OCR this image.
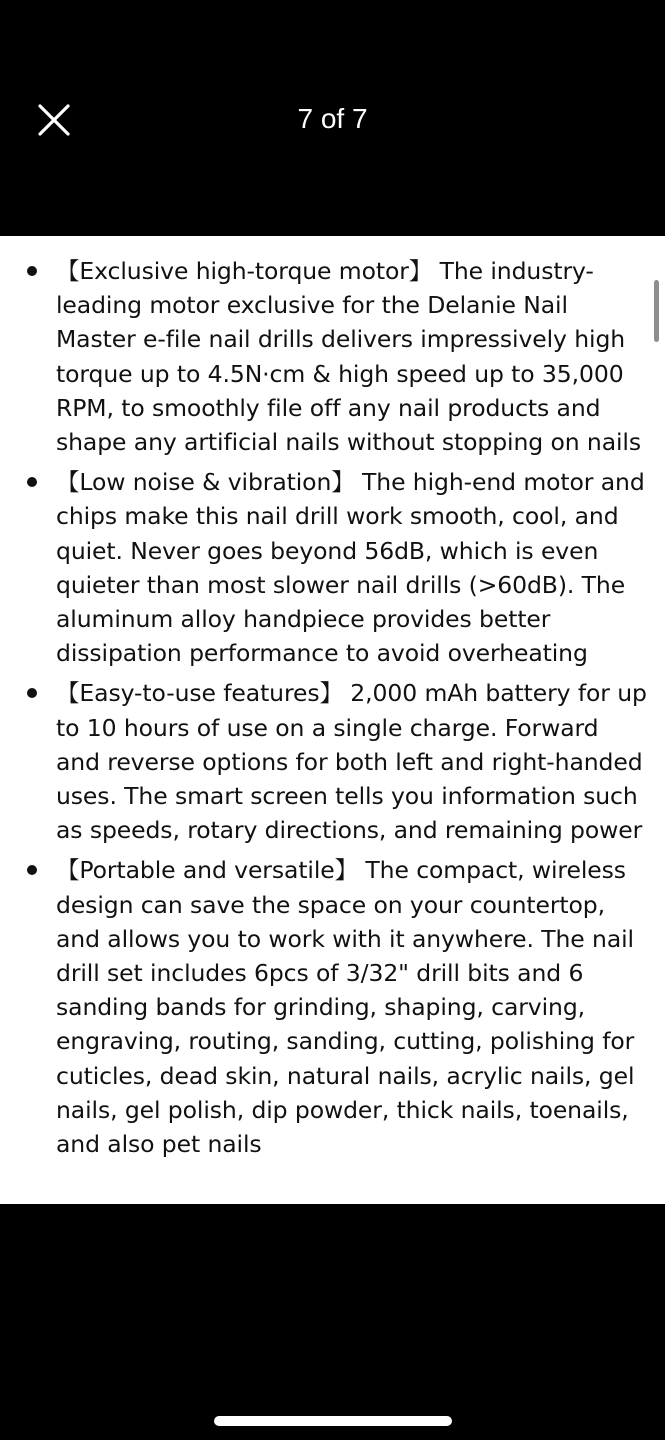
7 of 7
【Exclusive high-torque motor】 The industry-leading motor exclusive for the Delanie Nail Master e-file nail drills delivers impressively high torque up to 4.5N·cm & high speed up to 35,000 RPM, to smoothly file off any nail products and shape any artificial nails without stopping on nails
【Low noise & vibration】 The high-end motor and chips make this nail drill work smooth, cool, and quiet. Never goes beyond 56dB, which is even quieter than most slower nail drills (>60dB). The aluminum alloy handpiece provides better dissipation performance to avoid overheating
【Easy-to-use features】 2,000 mAh battery for up to 10 hours of use on a single charge. Forward and reverse options for both left and right-handed uses. The smart screen tells you information such as speeds, rotary directions, and remaining power
【Portable and versatile】 The compact, wireless design can save the space on your countertop, and allows you to work with it anywhere. The nail drill set includes 6pcs of 3/32" drill bits and 6 sanding bands for grinding, shaping, carving, engraving, routing, sanding, cutting, polishing for cuticles, dead skin, natural nails, acrylic nails, gel nails, gel polish, dip powder, thick nails, toenails, and also pet nails
